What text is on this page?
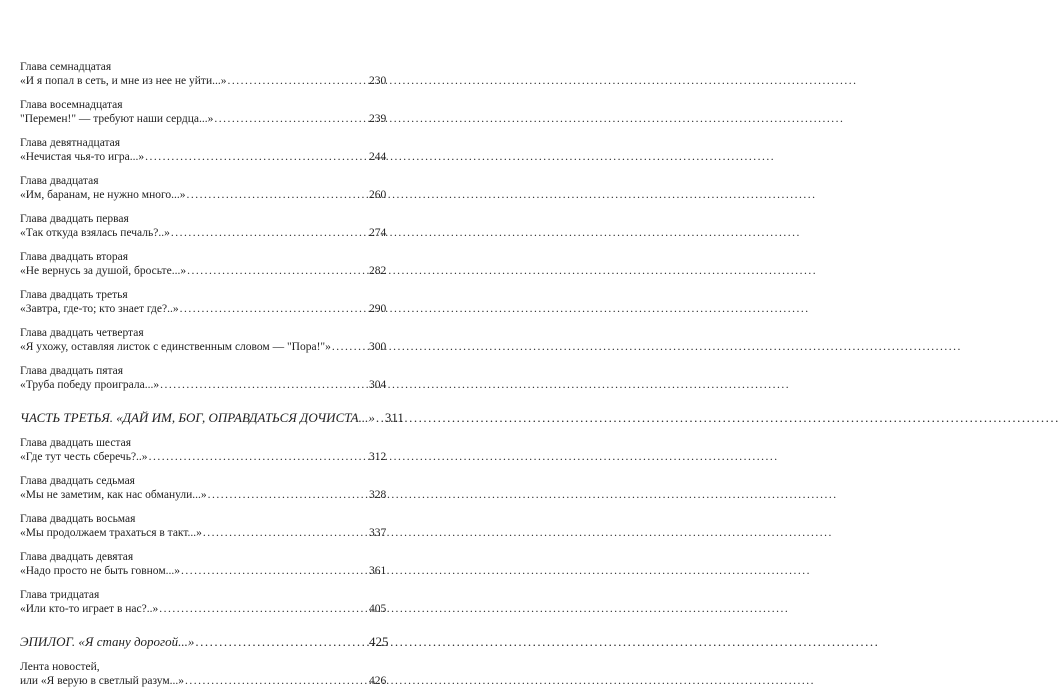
Глава семнадцатая
«И я попал в сеть, и мне из нее не уйти...» .....	230
Глава восемнадцатая
"Перемен!" — требуют наши сердца...» .....	239
Глава девятнадцатая
«Нечистая чья-то игра...» .....	244
Глава двадцатая
«Им, баранам, не нужно много...» .....	260
Глава двадцать первая
«Так откуда взялась печаль?..» .....	274
Глава двадцать вторая
«Не вернусь за душой, бросьте...» .....	282
Глава двадцать третья
«Завтра, где-то; кто знает где?..» .....	290
Глава двадцать четвертая
«Я ухожу, оставляя листок с единственным словом — "Пора!"» .....	300
Глава двадцать пятая
«Труба победу проиграла...» .....	304
ЧАСТЬ ТРЕТЬЯ. «ДАЙ ИМ, БОГ, ОПРАВДАТЬСЯ ДОЧИСТА...» ..... 311
Глава двадцать шестая
«Где тут честь сберечь?..» .....	312
Глава двадцать седьмая
«Мы не заметим, как нас обманули...» .....	328
Глава двадцать восьмая
«Мы продолжаем трахаться в такт...» .....	337
Глава двадцать девятая
«Надо просто не быть говном...» .....	361
Глава тридцатая
«Или кто-то играет в нас?..» .....	405
ЭПИЛОГ. «Я стану дорогой...» .....	425
Лента новостей,
или «Я верую в светлый разум...» .....	426
